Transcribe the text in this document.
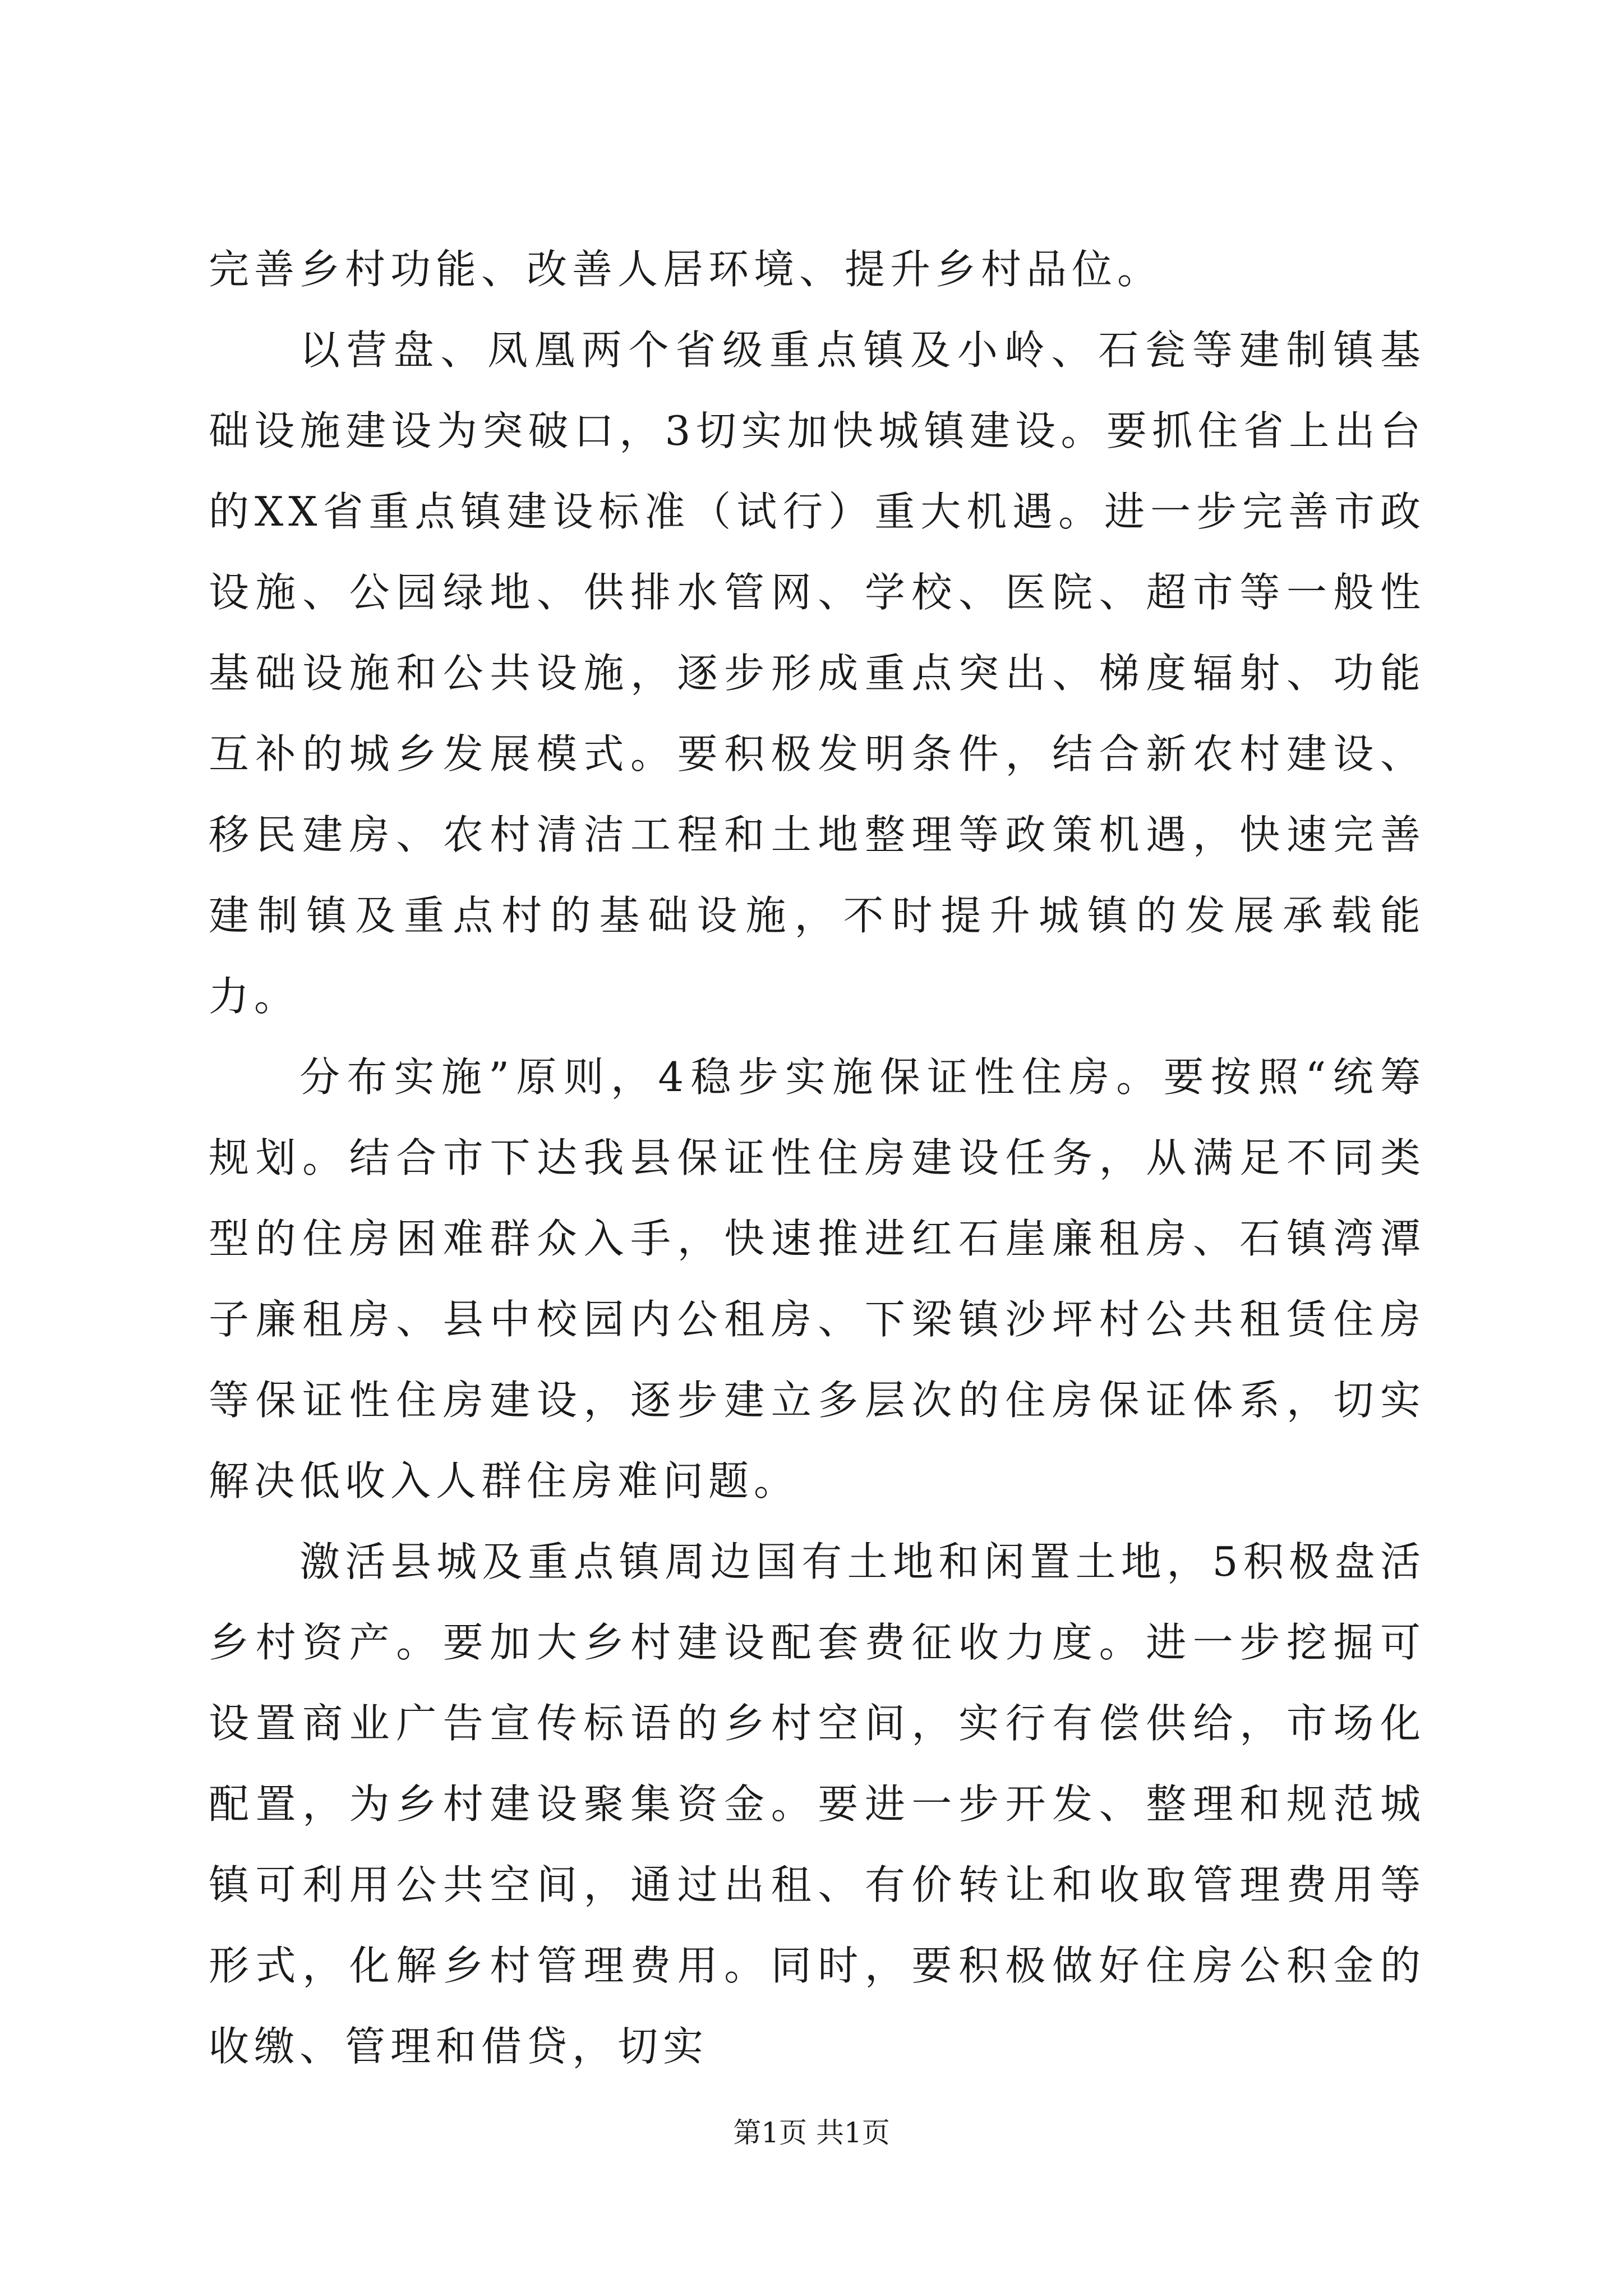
完善乡村功能、改善人居环境、提升乡村品位。

以营盘、凤凰两个省级重点镇及小岭、石瓮等建制镇基础设施建设为突破口，3切实加快城镇建设。要抓住省上出台的XX省重点镇建设标准（试行）重大机遇。进一步完善市政设施、公园绿地、供排水管网、学校、医院、超市等一般性基础设施和公共设施，逐步形成重点突出、梯度辐射、功能互补的城乡发展模式。要积极发明条件，结合新农村建设、移民建房、农村清洁工程和土地整理等政策机遇，快速完善建制镇及重点村的基础设施，不时提升城镇的发展承载能力。

分布实施”原则，4稳步实施保证性住房。要按照“统筹规划。结合市下达我县保证性住房建设任务，从满足不同类型的住房困难群众入手，快速推进红石崖廉租房、石镇湾潭子廉租房、县中校园内公租房、下梁镇沙坪村公共租赁住房等保证性住房建设，逐步建立多层次的住房保证体系，切实解决低收入人群住房难问题。

激活县城及重点镇周边国有土地和闲置土地，5积极盘活乡村资产。要加大乡村建设配套费征收力度。进一步挖掘可设置商业广告宣传标语的乡村空间，实行有偿供给，市场化配置，为乡村建设聚集资金。要进一步开发、整理和规范城镇可利用公共空间，通过出租、有价转让和收取管理费用等形式，化解乡村管理费用。同时，要积极做好住房公积金的收缴、管理和借贷，切实

第1页 共1页
